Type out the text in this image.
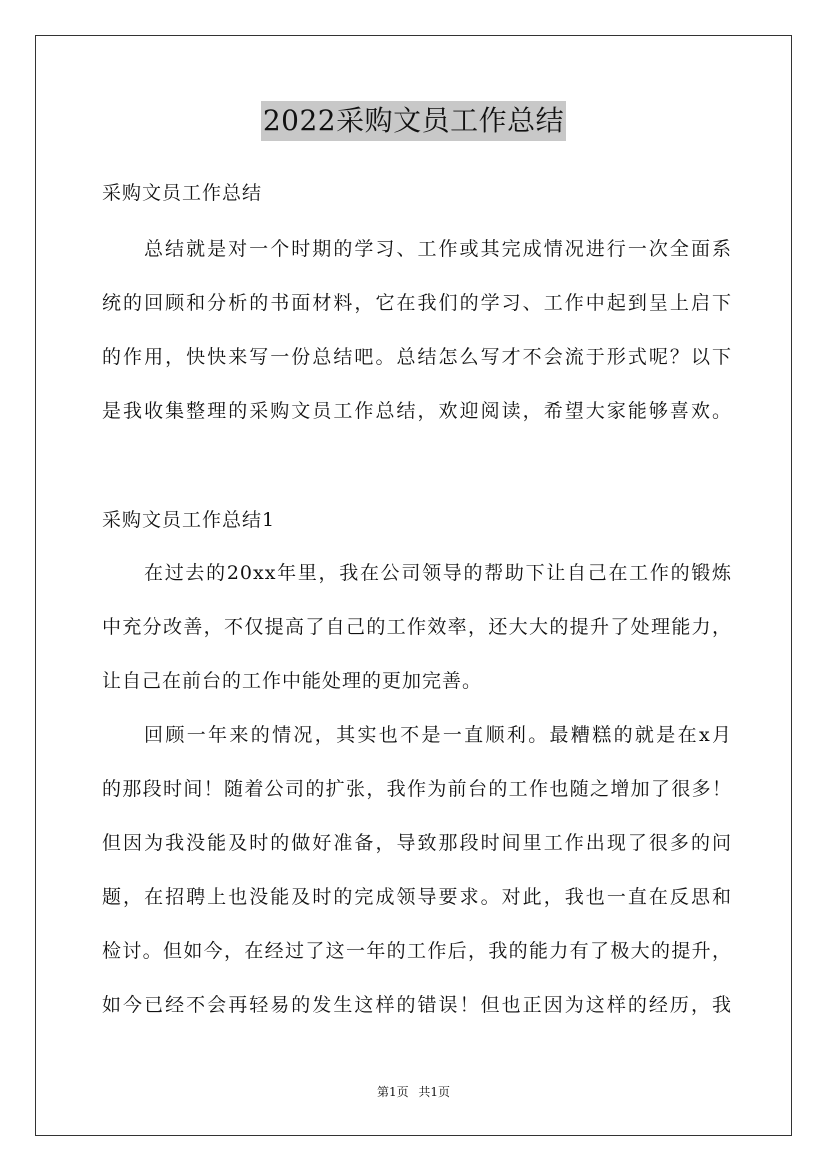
2022采购文员工作总结
采购文员工作总结
总结就是对一个时期的学习、工作或其完成情况进行一次全面系
统的回顾和分析的书面材料，它在我们的学习、工作中起到呈上启下
的作用，快快来写一份总结吧。总结怎么写才不会流于形式呢？以下
是我收集整理的采购文员工作总结，欢迎阅读，希望大家能够喜欢。
采购文员工作总结1
在过去的20xx年里，我在公司领导的帮助下让自己在工作的锻炼
中充分改善，不仅提高了自己的工作效率，还大大的提升了处理能力，
让自己在前台的工作中能处理的更加完善。
回顾一年来的情况，其实也不是一直顺利。最糟糕的就是在x月
的那段时间！随着公司的扩张，我作为前台的工作也随之增加了很多！
但因为我没能及时的做好准备，导致那段时间里工作出现了很多的问
题，在招聘上也没能及时的完成领导要求。对此，我也一直在反思和
检讨。但如今，在经过了这一年的工作后，我的能力有了极大的提升，
如今已经不会再轻易的发生这样的错误！但也正因为这样的经历，我
第1页 共1页
